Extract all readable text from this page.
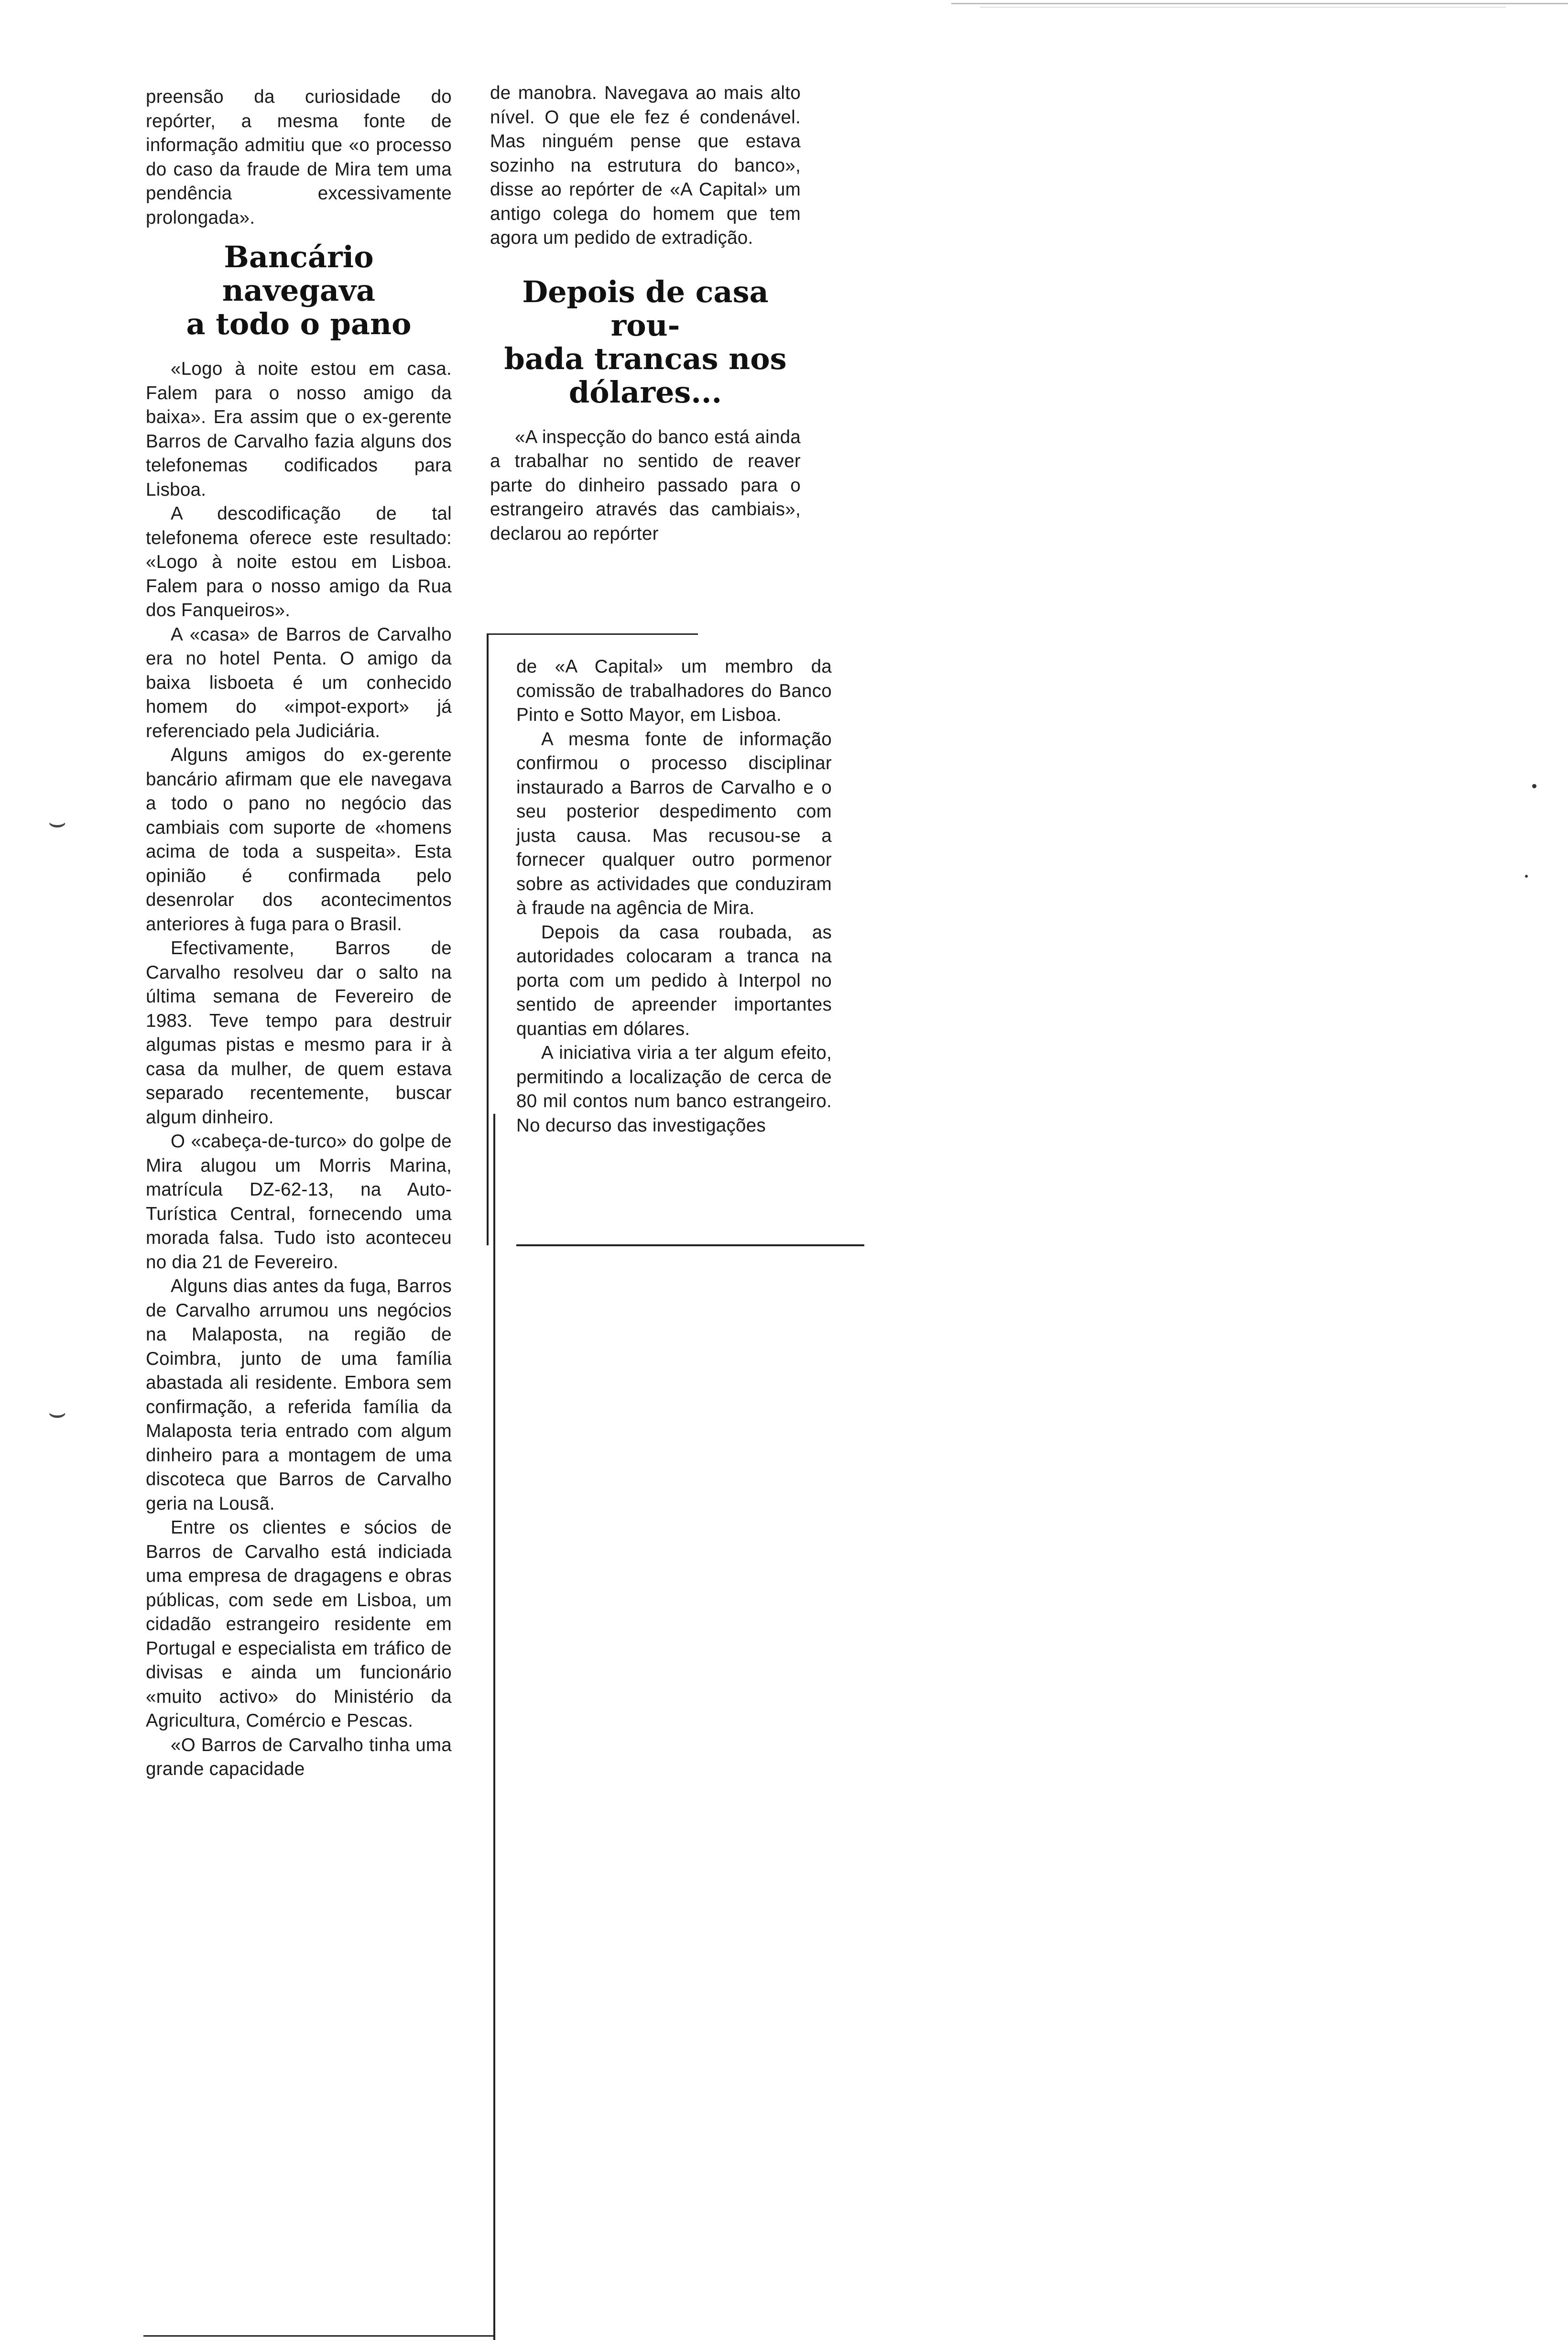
⌣
⌣

preensão da curiosidade do repórter, a mesma fonte de informação admitiu que «o processo do caso da fraude de Mira tem uma pendência excessivamente prolongada».

Bancário navegava
a todo o pano

«Logo à noite estou em casa. Falem para o nosso amigo da baixa». Era assim que o ex-gerente Barros de Carvalho fazia alguns dos telefonemas codificados para Lisboa.

A descodificação de tal telefonema oferece este resultado: «Logo à noite estou em Lisboa. Falem para o nosso amigo da Rua dos Fanqueiros».

A «casa» de Barros de Carvalho era no hotel Penta. O amigo da baixa lisboeta é um conhecido homem do «impot-export» já referenciado pela Judiciária.

Alguns amigos do ex-gerente bancário afirmam que ele navegava a todo o pano no negócio das cambiais com suporte de «homens acima de toda a suspeita». Esta opinião é confirmada pelo desenrolar dos acontecimentos anteriores à fuga para o Brasil.

Efectivamente, Barros de Carvalho resolveu dar o salto na última semana de Fevereiro de 1983. Teve tempo para destruir algumas pistas e mesmo para ir à casa da mulher, de quem estava separado recentemente, buscar algum dinheiro.

O «cabeça-de-turco» do golpe de Mira alugou um Morris Marina, matrícula DZ-62-13, na Auto-Turística Central, fornecendo uma morada falsa. Tudo isto aconteceu no dia 21 de Fevereiro.

Alguns dias antes da fuga, Barros de Carvalho arrumou uns negócios na Malaposta, na região de Coimbra, junto de uma família abastada ali residente. Embora sem confirmação, a referida família da Malaposta teria entrado com algum dinheiro para a montagem de uma discoteca que Barros de Carvalho geria na Lousã.

Entre os clientes e sócios de Barros de Carvalho está indiciada uma empresa de dragagens e obras públicas, com sede em Lisboa, um cidadão estrangeiro residente em Portugal e especialista em tráfico de divisas e ainda um funcionário «muito activo» do Ministério da Agricultura, Comércio e Pescas.

«O Barros de Carvalho tinha uma grande capacidade

de manobra. Navegava ao mais alto nível. O que ele fez é condenável. Mas ninguém pense que estava sozinho na estrutura do banco», disse ao repórter de «A Capital» um antigo colega do homem que tem agora um pedido de extradição.

Depois de casa rou-
bada trancas nos
dólares...

«A inspecção do banco está ainda a trabalhar no sentido de reaver parte do dinheiro passado para o estrangeiro através das cambiais», declarou ao repórter

de «A Capital» um membro da comissão de trabalhadores do Banco Pinto e Sotto Mayor, em Lisboa.

A mesma fonte de informação confirmou o processo disciplinar instaurado a Barros de Carvalho e o seu posterior despedimento com justa causa. Mas recusou-se a fornecer qualquer outro pormenor sobre as actividades que conduziram à fraude na agência de Mira.

Depois da casa roubada, as autoridades colocaram a tranca na porta com um pedido à Interpol no sentido de apreender importantes quantias em dólares.

A iniciativa viria a ter algum efeito, permitindo a localização de cerca de 80 mil contos num banco estrangeiro. No decurso das investigações
